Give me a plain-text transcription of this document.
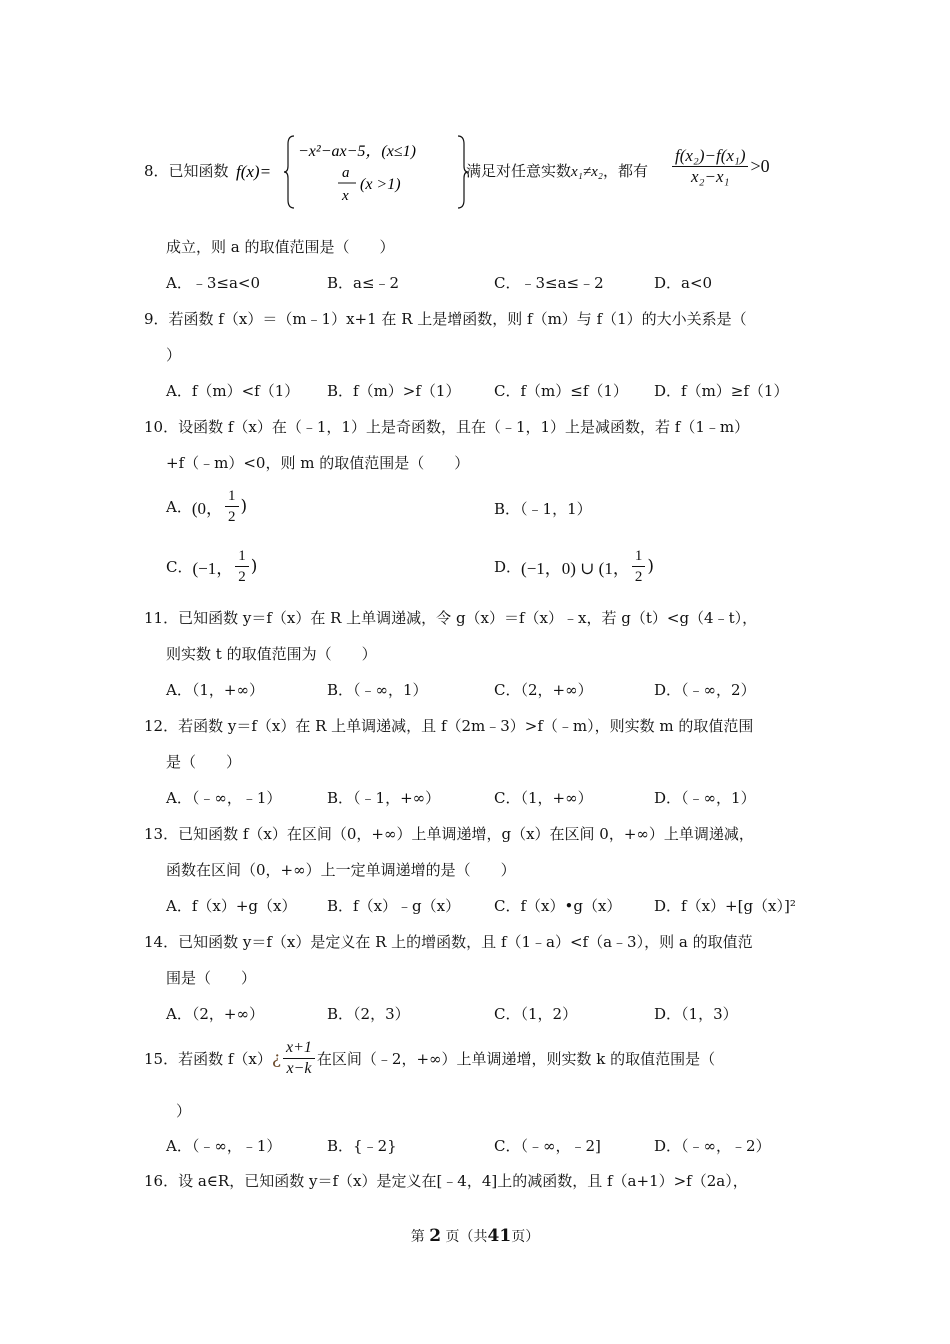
8．已知函数 f(x)=
−x²−ax−5，(x≤1)
a
x
(x >1)
满足对任意实数x₁≠x₂，都有 $\frac{\text{f(x₂)−f(x₁)}}{\text{x₂−x₁}} >0$
成立，则 a 的取值范围是（　　）
A．﹣3≤a<0	B．a≤﹣2	C．﹣3≤a≤﹣2	D．a<0
9．若函数 f（x）＝（m﹣1）x+1 在 R 上是增函数，则 f（m）与 f（1）的大小关系是（
）
A．f（m）<f（1） B．f（m）>f（1） C．f（m）≤f（1） D．f（m）≥f（1）
10．设函数 f（x）在（﹣1，1）上是奇函数，且在（﹣1，1）上是减函数，若 f（1﹣m）
+f（﹣m）<0，则 m 的取值范围是（　　）
A．(0， $\frac{1}{2}$ )	B．（﹣1，1）
C．(−1， $\frac{1}{2}$ )	D．(−1，0) ∪ (1， $\frac{1}{2}$ )
11．已知函数 y＝f（x）在 R 上单调递减，令 g（x）＝f（x）﹣x，若 g（t）<g（4﹣t），
则实数 t 的取值范围为（　　）
A．（1，+∞）	B．（﹣∞，1）	C．（2，+∞）	D．（﹣∞，2）
12．若函数 y＝f（x）在 R 上单调递减，且 f（2m﹣3）>f（﹣m），则实数 m 的取值范围
是（　　）
A．（﹣∞，﹣1）	B．（﹣1，+∞）	C．（1，+∞）	D．（﹣∞，1）
13．已知函数 f（x）在区间（0，+∞）上单调递增，g（x）在区间 0，+∞）上单调递减，
函数在区间（0，+∞）上一定单调递增的是（　　）
A．f（x）+g（x） B．f（x）﹣g（x） C．f（x）•g（x） D．f（x）+[g（x）]²
14．已知函数 y＝f（x）是定义在 R 上的增函数，且 f（1﹣a）<f（a﹣3），则 a 的取值范
围是（　　）
A．（2，+∞）	B．（2，3）	C．（1，2）	D．（1，3）
15．若函数 f（x）¿ $\frac{x+1}{x-k}$ 在区间（﹣2，+∞）上单调递增，则实数 k 的取值范围是（
）
A．（﹣∞，﹣1）	B．{﹣2}	C．（﹣∞，﹣2]	D．（﹣∞，﹣2）
16．设 a∈R，已知函数 y＝f（x）是定义在[﹣4，4]上的减函数，且 f（a+1）>f（2a），
第 2 页（共41页）
